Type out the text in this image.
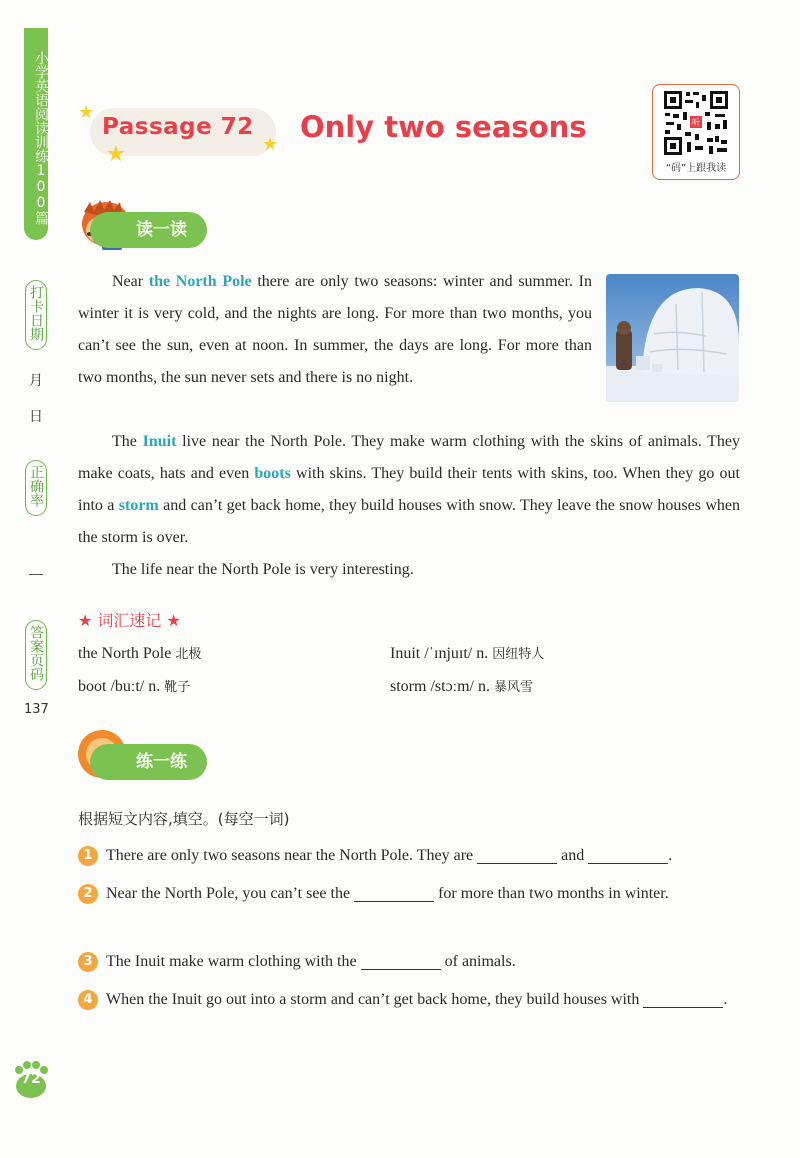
小学英语阅读训练100篇
打卡日期
月
日
正确率
答案页码
137
★
★	★
Passage 72 Only two seasons	听
“码”上跟我读
读一读
Near the North Pole there are only two seasons: winter and summer. In winter it is very cold, and the nights are long. For more than two months, you can’t see the sun, even at noon. In summer, the days are long. For more than two months, the sun never sets and there is no night.
The Inuit live near the North Pole. They make warm clothing with the skins of animals. They make coats, hats and even boots with skins. They build their tents with skins, too. When they go out into a storm and can’t get back home, they build houses with snow. They leave the snow houses when the storm is over.
The life near the North Pole is very interesting.
★ 词汇速记 ★
the North Pole 北极	Inuit /ˈɪnjuɪt/ n. 因纽特人
boot /buːt/ n. 靴子	storm /stɔːm/ n. 暴风雪
练一练
根据短文内容,填空。(每空一词)
1 There are only two seasons near the North Pole. They are	and	.
2 Near the North Pole, you can’t see the	for more than two months in winter.
3 The Inuit make warm clothing with the	of animals.
4 When the Inuit go out into a storm and can’t get back home, they build houses with	.
72
